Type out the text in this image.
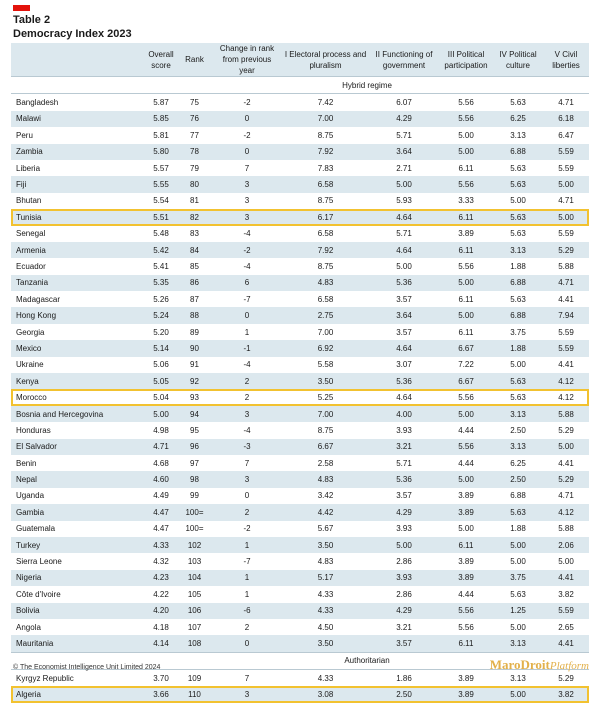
Table 2
Democracy Index 2023
	Overall score	Rank	Change in rank from previous year	I Electoral process and pluralism	II Functioning of government	III Political participation	IV Political culture	V Civil liberties
	Hybrid regime							
Bangladesh	5.87	75	-2	7.42	6.07	5.56	5.63	4.71
Malawi	5.85	76	0	7.00	4.29	5.56	6.25	6.18
Peru	5.81	77	-2	8.75	5.71	5.00	3.13	6.47
Zambia	5.80	78	0	7.92	3.64	5.00	6.88	5.59
Liberia	5.57	79	7	7.83	2.71	6.11	5.63	5.59
Fiji	5.55	80	3	6.58	5.00	5.56	5.63	5.00
Bhutan	5.54	81	3	8.75	5.93	3.33	5.00	4.71
Tunisia	5.51	82	3	6.17	4.64	6.11	5.63	5.00
Senegal	5.48	83	-4	6.58	5.71	3.89	5.63	5.59
Armenia	5.42	84	-2	7.92	4.64	6.11	3.13	5.29
Ecuador	5.41	85	-4	8.75	5.00	5.56	1.88	5.88
Tanzania	5.35	86	6	4.83	5.36	5.00	6.88	4.71
Madagascar	5.26	87	-7	6.58	3.57	6.11	5.63	4.41
Hong Kong	5.24	88	0	2.75	3.64	5.00	6.88	7.94
Georgia	5.20	89	1	7.00	3.57	6.11	3.75	5.59
Mexico	5.14	90	-1	6.92	4.64	6.67	1.88	5.59
Ukraine	5.06	91	-4	5.58	3.07	7.22	5.00	4.41
Kenya	5.05	92	2	3.50	5.36	6.67	5.63	4.12
Morocco	5.04	93	2	5.25	4.64	5.56	5.63	4.12
Bosnia and Hercegovina	5.00	94	3	7.00	4.00	5.00	3.13	5.88
Honduras	4.98	95	-4	8.75	3.93	4.44	2.50	5.29
El Salvador	4.71	96	-3	6.67	3.21	5.56	3.13	5.00
Benin	4.68	97	7	2.58	5.71	4.44	6.25	4.41
Nepal	4.60	98	3	4.83	5.36	5.00	2.50	5.29
Uganda	4.49	99	0	3.42	3.57	3.89	6.88	4.71
Gambia	4.47	100=	2	4.42	4.29	3.89	5.63	4.12
Guatemala	4.47	100=	-2	5.67	3.93	5.00	1.88	5.88
Turkey	4.33	102	1	3.50	5.00	6.11	5.00	2.06
Sierra Leone	4.32	103	-7	4.83	2.86	3.89	5.00	5.00
Nigeria	4.23	104	1	5.17	3.93	3.89	3.75	4.41
Côte d'Ivoire	4.22	105	1	4.33	2.86	4.44	5.63	3.82
Bolivia	4.20	106	-6	4.33	4.29	5.56	1.25	5.59
Angola	4.18	107	2	4.50	3.21	5.56	5.00	2.65
Mauritania	4.14	108	0	3.50	3.57	6.11	3.13	4.41
	Authoritarian							
Kyrgyz Republic	3.70	109	7	4.33	1.86	3.89	3.13	5.29
Algeria	3.66	110	3	3.08	2.50	3.89	5.00	3.82
© The Economist Intelligence Unit Limited 2024	MaroDroitPlatform
